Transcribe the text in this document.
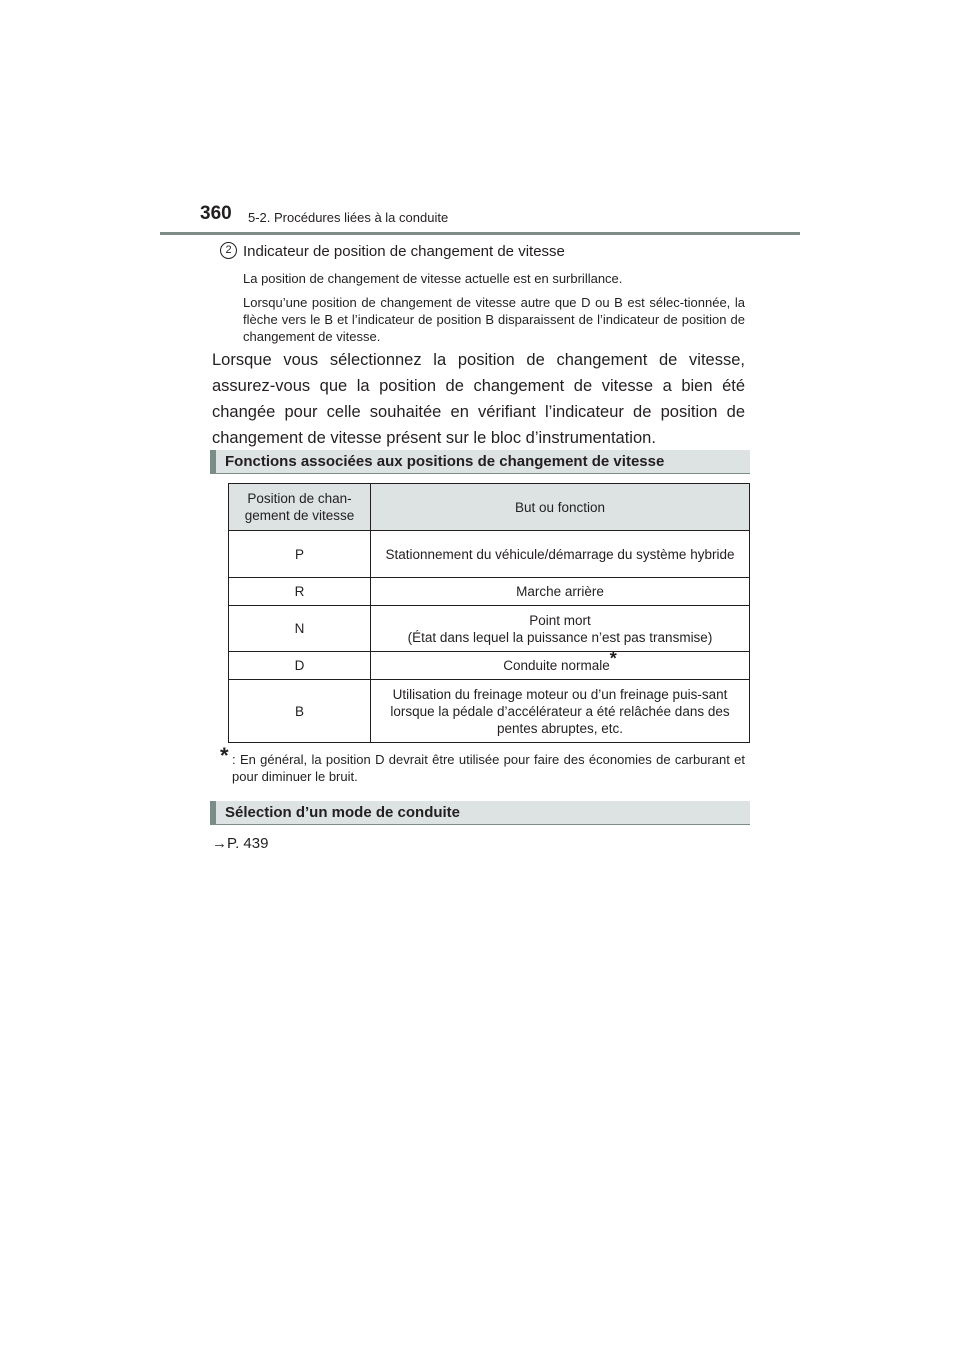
360 5-2. Procédures liées à la conduite
2 Indicateur de position de changement de vitesse
La position de changement de vitesse actuelle est en surbrillance.
Lorsqu’une position de changement de vitesse autre que D ou B est sélec-tionnée, la flèche vers le B et l’indicateur de position B disparaissent de l’indicateur de position de changement de vitesse.
Lorsque vous sélectionnez la position de changement de vitesse, assurez-vous que la position de changement de vitesse a bien été changée pour celle souhaitée en vérifiant l’indicateur de position de changement de vitesse présent sur le bloc d’instrumentation.
Fonctions associées aux positions de changement de vitesse
Position de chan-gement de vitesse	But ou fonction
P	Stationnement du véhicule/démarrage du système hybride
R	Marche arrière
N	Point mort
(État dans lequel la puissance n’est pas transmise)
D	Conduite normale*
B	Utilisation du freinage moteur ou d’un freinage puis-sant lorsque la pédale d’accélérateur a été relâchée dans des pentes abruptes, etc.
* : En général, la position D devrait être utilisée pour faire des économies de carburant et pour diminuer le bruit.
Sélection d’un mode de conduite
→P. 439
